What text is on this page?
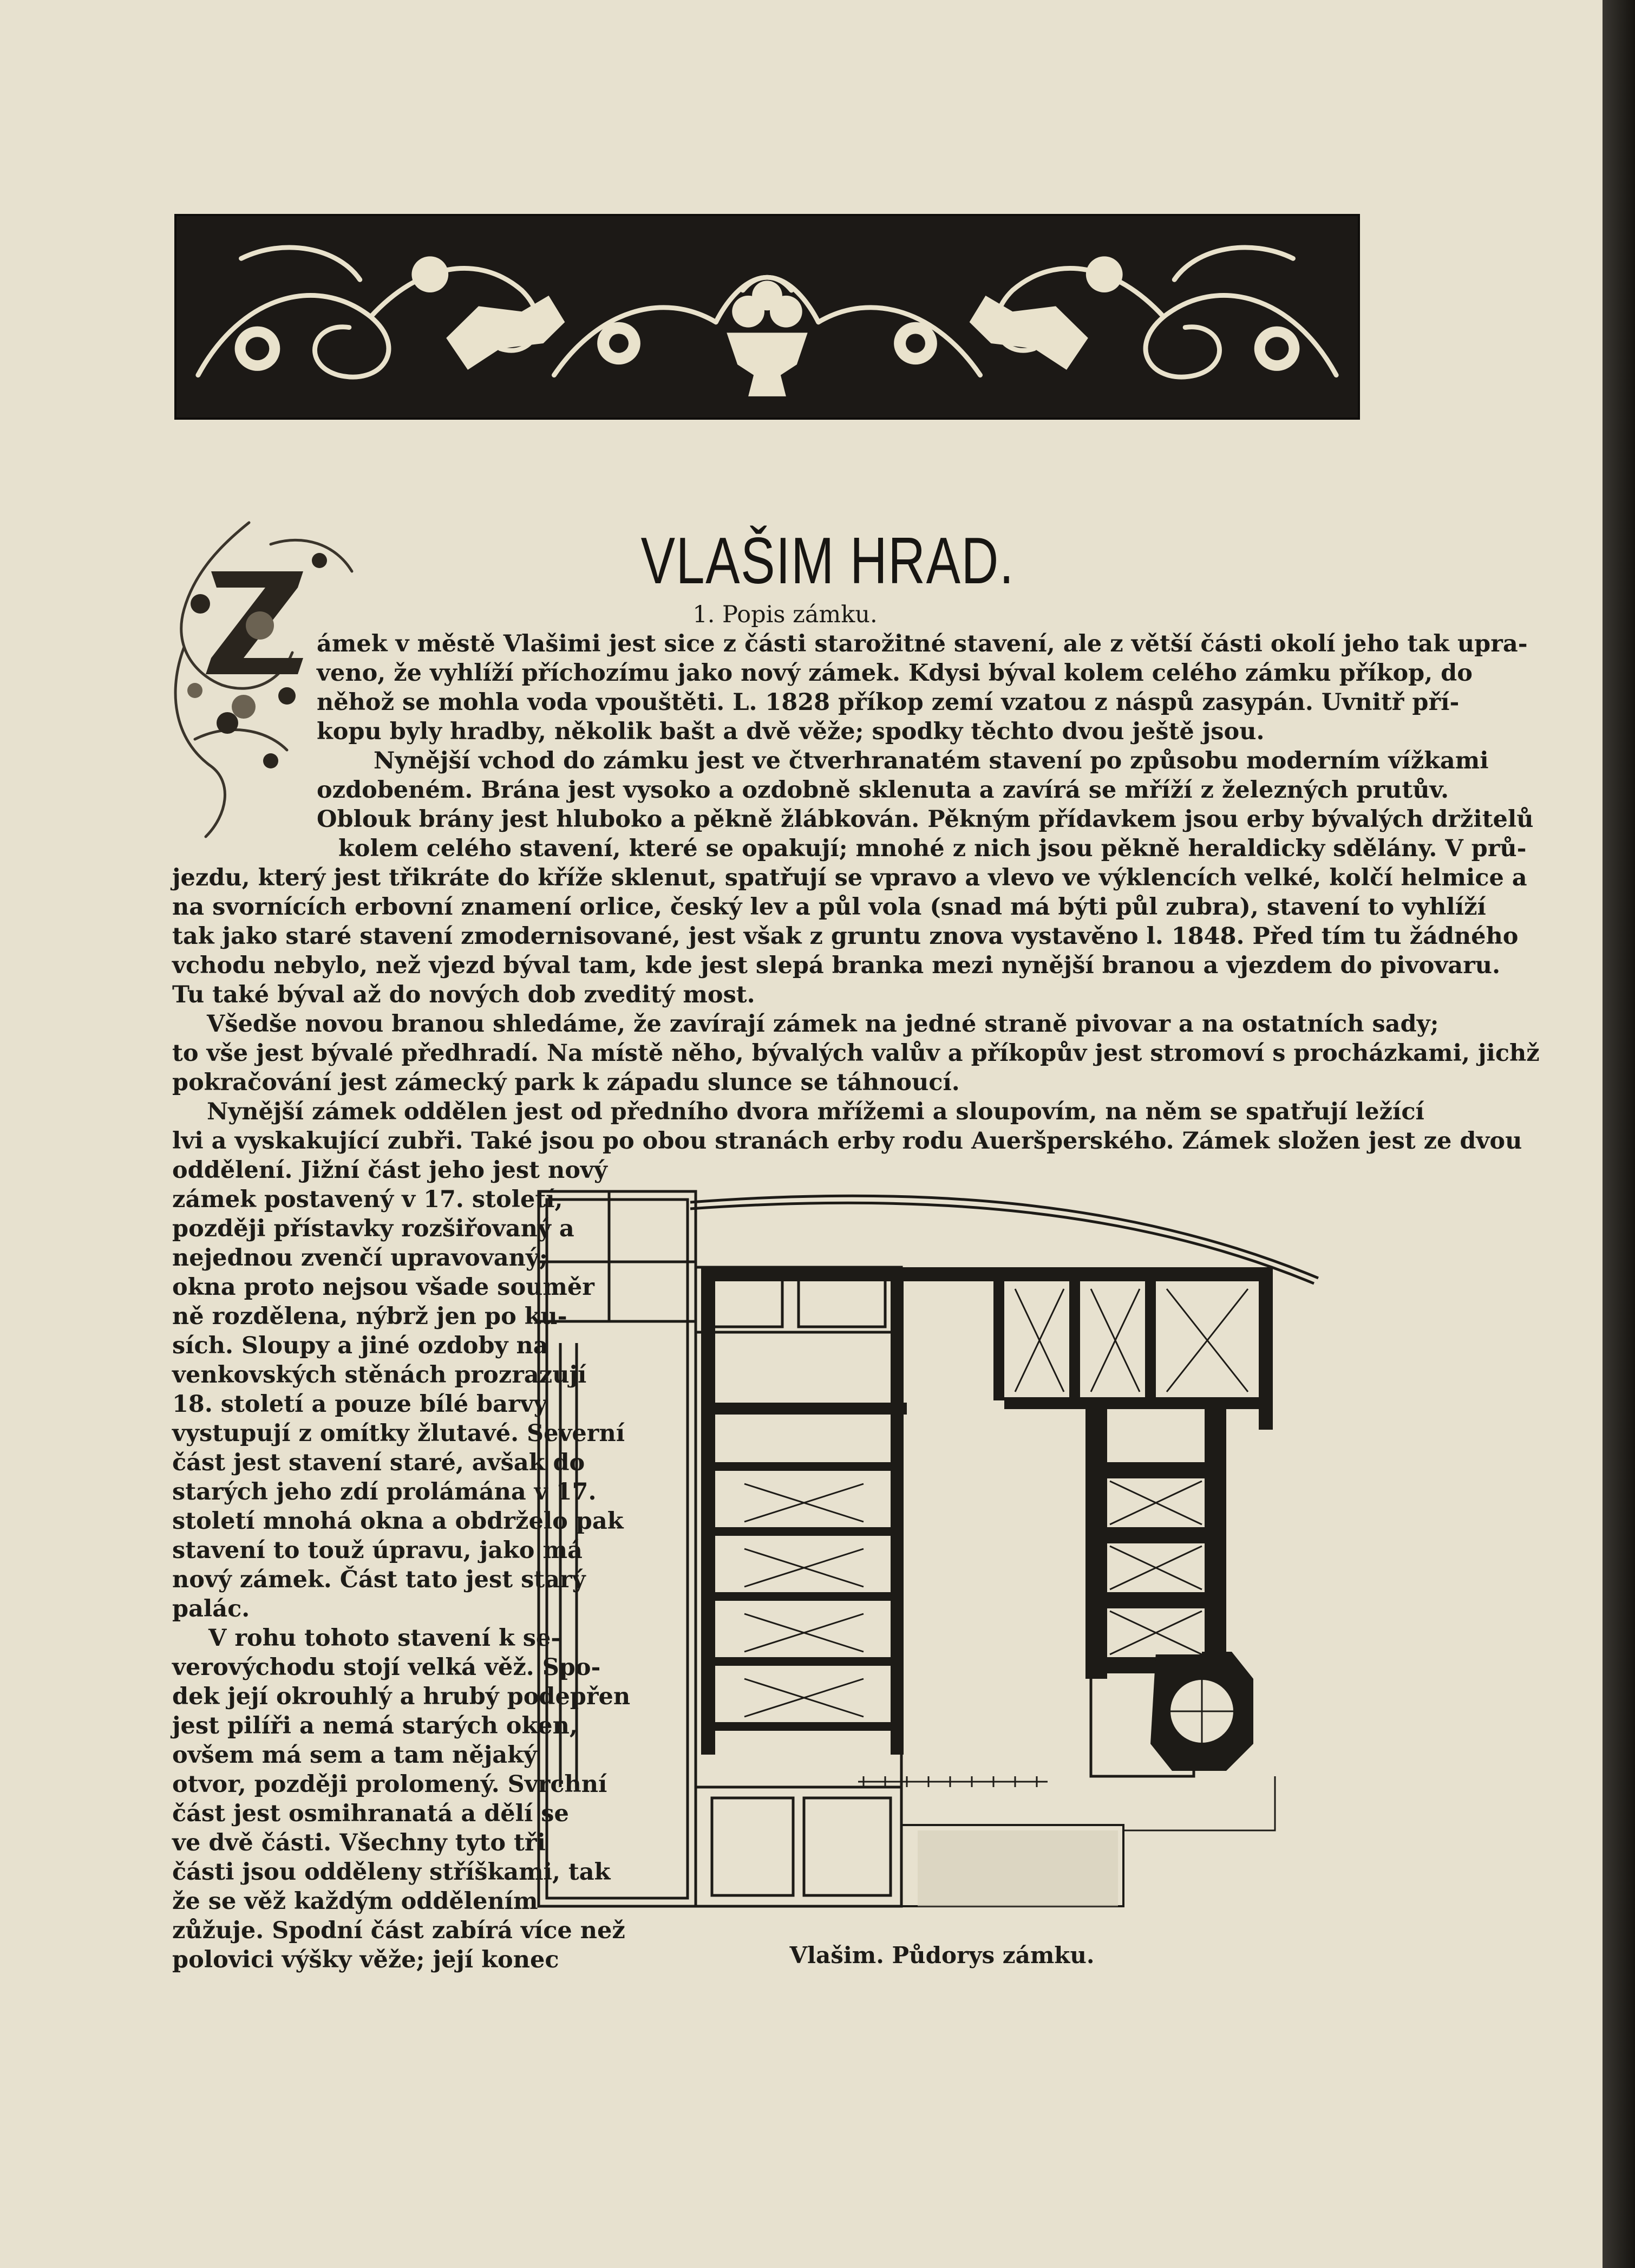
VLAŠIM HRAD.
1. Popis zámku.
ámek v městě Vlašimi jest sice z části starožitné stavení, ale z větší části okolí jeho tak upra-
veno, že vyhlíží příchozímu jako nový zámek. Kdysi býval kolem celého zámku příkop, do
něhož se mohla voda vpouštěti. L. 1828 příkop zemí vzatou z náspů zasypán. Uvnitř pří-
kopu byly hradby, několik bašt a dvě věže; spodky těchto dvou ještě jsou.
Nynější vchod do zámku jest ve čtverhranatém stavení po způsobu moderním vížkami
ozdobeném. Brána jest vysoko a ozdobně sklenuta a zavírá se mříží z železných prutův.
Oblouk brány jest hluboko a pěkně žlábkován. Pěkným přídavkem jsou erby bývalých držitelů
kolem celého stavení, které se opakují; mnohé z nich jsou pěkně heraldicky sdělány. V prů-
jezdu, který jest třikráte do kříže sklenut, spatřují se vpravo a vlevo ve výklencích velké, kolčí helmice a
na svornících erbovní znamení orlice, český lev a půl vola (snad má býti půl zubra), stavení to vyhlíží
tak jako staré stavení zmodernisované, jest však z gruntu znova vystavěno l. 1848. Před tím tu žádného
vchodu nebylo, než vjezd býval tam, kde jest slepá branka mezi nynější branou a vjezdem do pivovaru.
Tu také býval až do nových dob zveditý most.
Všedše novou branou shledáme, že zavírají zámek na jedné straně pivovar a na ostatních sady;
to vše jest bývalé předhradí. Na místě něho, bývalých valův a příkopův jest stromoví s procházkami, jichž
pokračování jest zámecký park k západu slunce se táhnoucí.
Nynější zámek oddělen jest od předního dvora mřížemi a sloupovím, na něm se spatřují ležící
lvi a vyskakující zubři. Také jsou po obou stranách erby rodu Aueršperského. Zámek složen jest ze dvou
oddělení. Jižní část jeho jest nový
zámek postavený v 17. století,
později přístavky rozšiřovaný a
nejednou zvenčí upravovaný;
okna proto nejsou všade souměr
ně rozdělena, nýbrž jen po ku-
sích. Sloupy a jiné ozdoby na
venkovských stěnách prozrazují
18. století a pouze bílé barvy
vystupují z omítky žlutavé. Severní
část jest stavení staré, avšak do
starých jeho zdí prolámána v 17.
století mnohá okna a obdrželo pak
stavení to touž úpravu, jako má
nový zámek. Část tato jest starý
palác.
V rohu tohoto stavení k se-
verovýchodu stojí velká věž. Spo-
dek její okrouhlý a hrubý podepřen
jest pilíři a nemá starých oken,
ovšem má sem a tam nějaký
otvor, později prolomený. Svrchní
část jest osmihranatá a dělí se
ve dvě části. Všechny tyto tři
části jsou odděleny stříškami, tak
že se věž každým oddělením
zůžuje. Spodní část zabírá více než
polovici výšky věže; její konec	Vlašim. Půdorys zámku.
